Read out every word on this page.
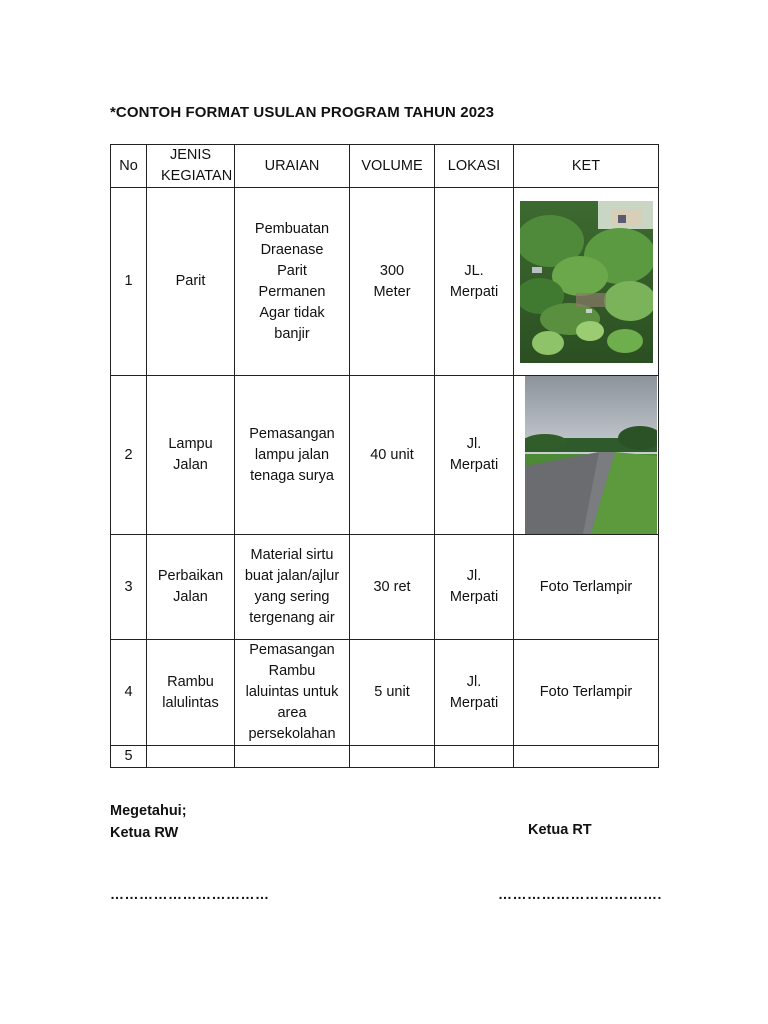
*CONTOH FORMAT USULAN PROGRAM TAHUN 2023
No	JENIS KEGIATAN	URAIAN	VOLUME	LOKASI	KET
1	Parit	Pembuatan Draenase Parit Permanen Agar tidak banjir	300 Meter	JL. Merpati	

2	Lampu Jalan	Pemasangan lampu jalan tenaga surya	40 unit	Jl. Merpati	

3	Perbaikan Jalan	Material sirtu buat jalan/ajlur yang sering tergenang air	30 ret	Jl. Merpati	Foto Terlampir
4	Rambu lalulintas	Pemasangan Rambu laluintas untuk area persekolahan	5 unit	Jl. Merpati	Foto Terlampir
5					
Megetahui;
Ketua RW	Ketua RT
……………………………	…………………………….
